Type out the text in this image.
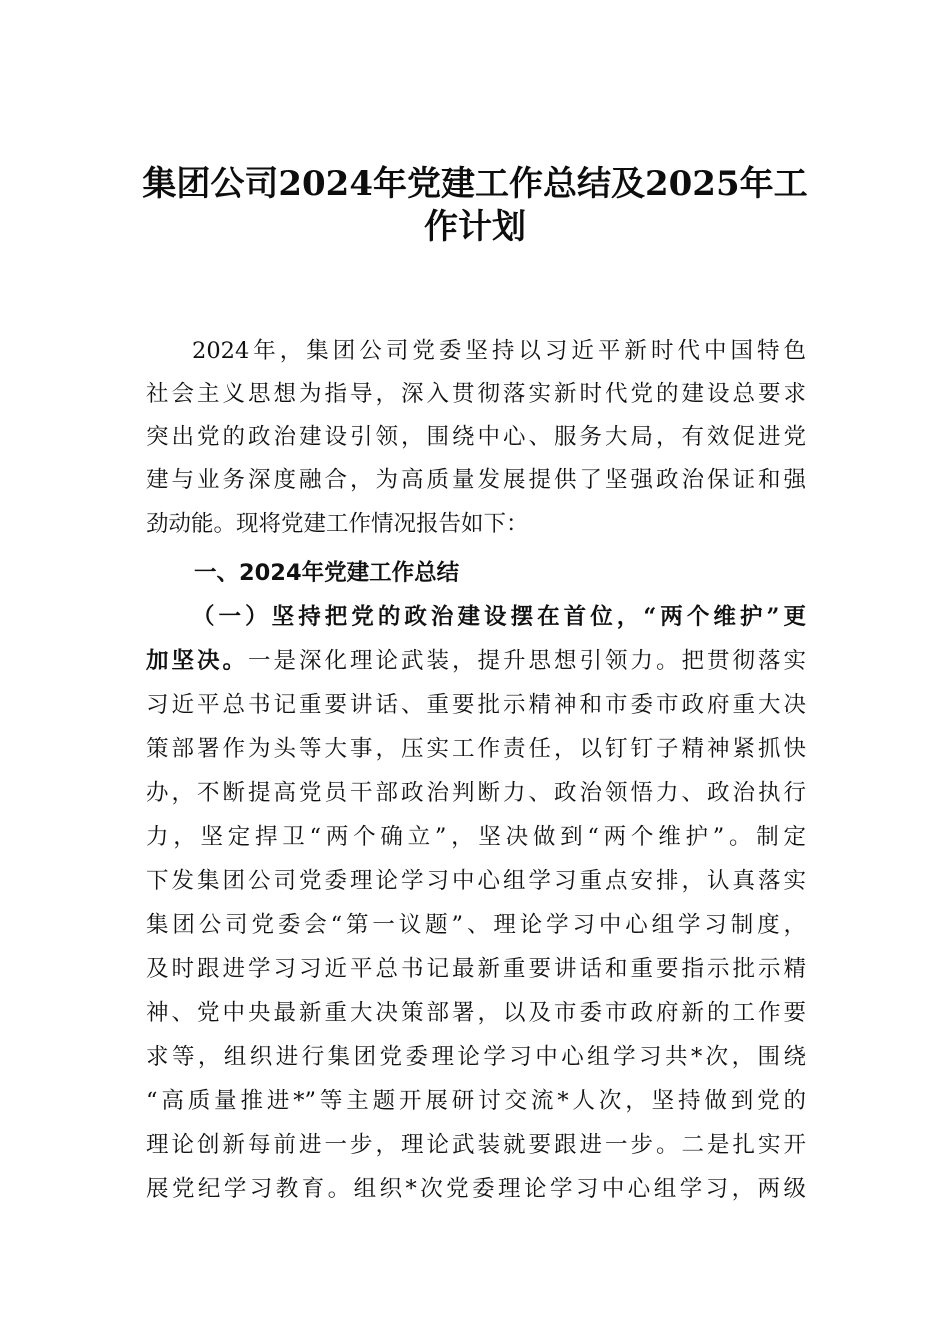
集团公司2024年党建工作总结及2025年工
作计划
2024年，集团公司党委坚持以习近平新时代中国特色
社会主义思想为指导，深入贯彻落实新时代党的建设总要求
突出党的政治建设引领，围绕中心、服务大局，有效促进党
建与业务深度融合，为高质量发展提供了坚强政治保证和强
劲动能。现将党建工作情况报告如下：
一、2024年党建工作总结
（一）坚持把党的政治建设摆在首位，“两个维护”更
加坚决。一是深化理论武装，提升思想引领力。把贯彻落实
习近平总书记重要讲话、重要批示精神和市委市政府重大决
策部署作为头等大事，压实工作责任，以钉钉子精神紧抓快
办，不断提高党员干部政治判断力、政治领悟力、政治执行
力，坚定捍卫“两个确立”，坚决做到“两个维护”。制定
下发集团公司党委理论学习中心组学习重点安排，认真落实
集团公司党委会“第一议题”、理论学习中心组学习制度，
及时跟进学习习近平总书记最新重要讲话和重要指示批示精
神、党中央最新重大决策部署，以及市委市政府新的工作要
求等，组织进行集团党委理论学习中心组学习共*次，围绕
“高质量推进*”等主题开展研讨交流*人次，坚持做到党的
理论创新每前进一步，理论武装就要跟进一步。二是扎实开
展党纪学习教育。组织*次党委理论学习中心组学习，两级
